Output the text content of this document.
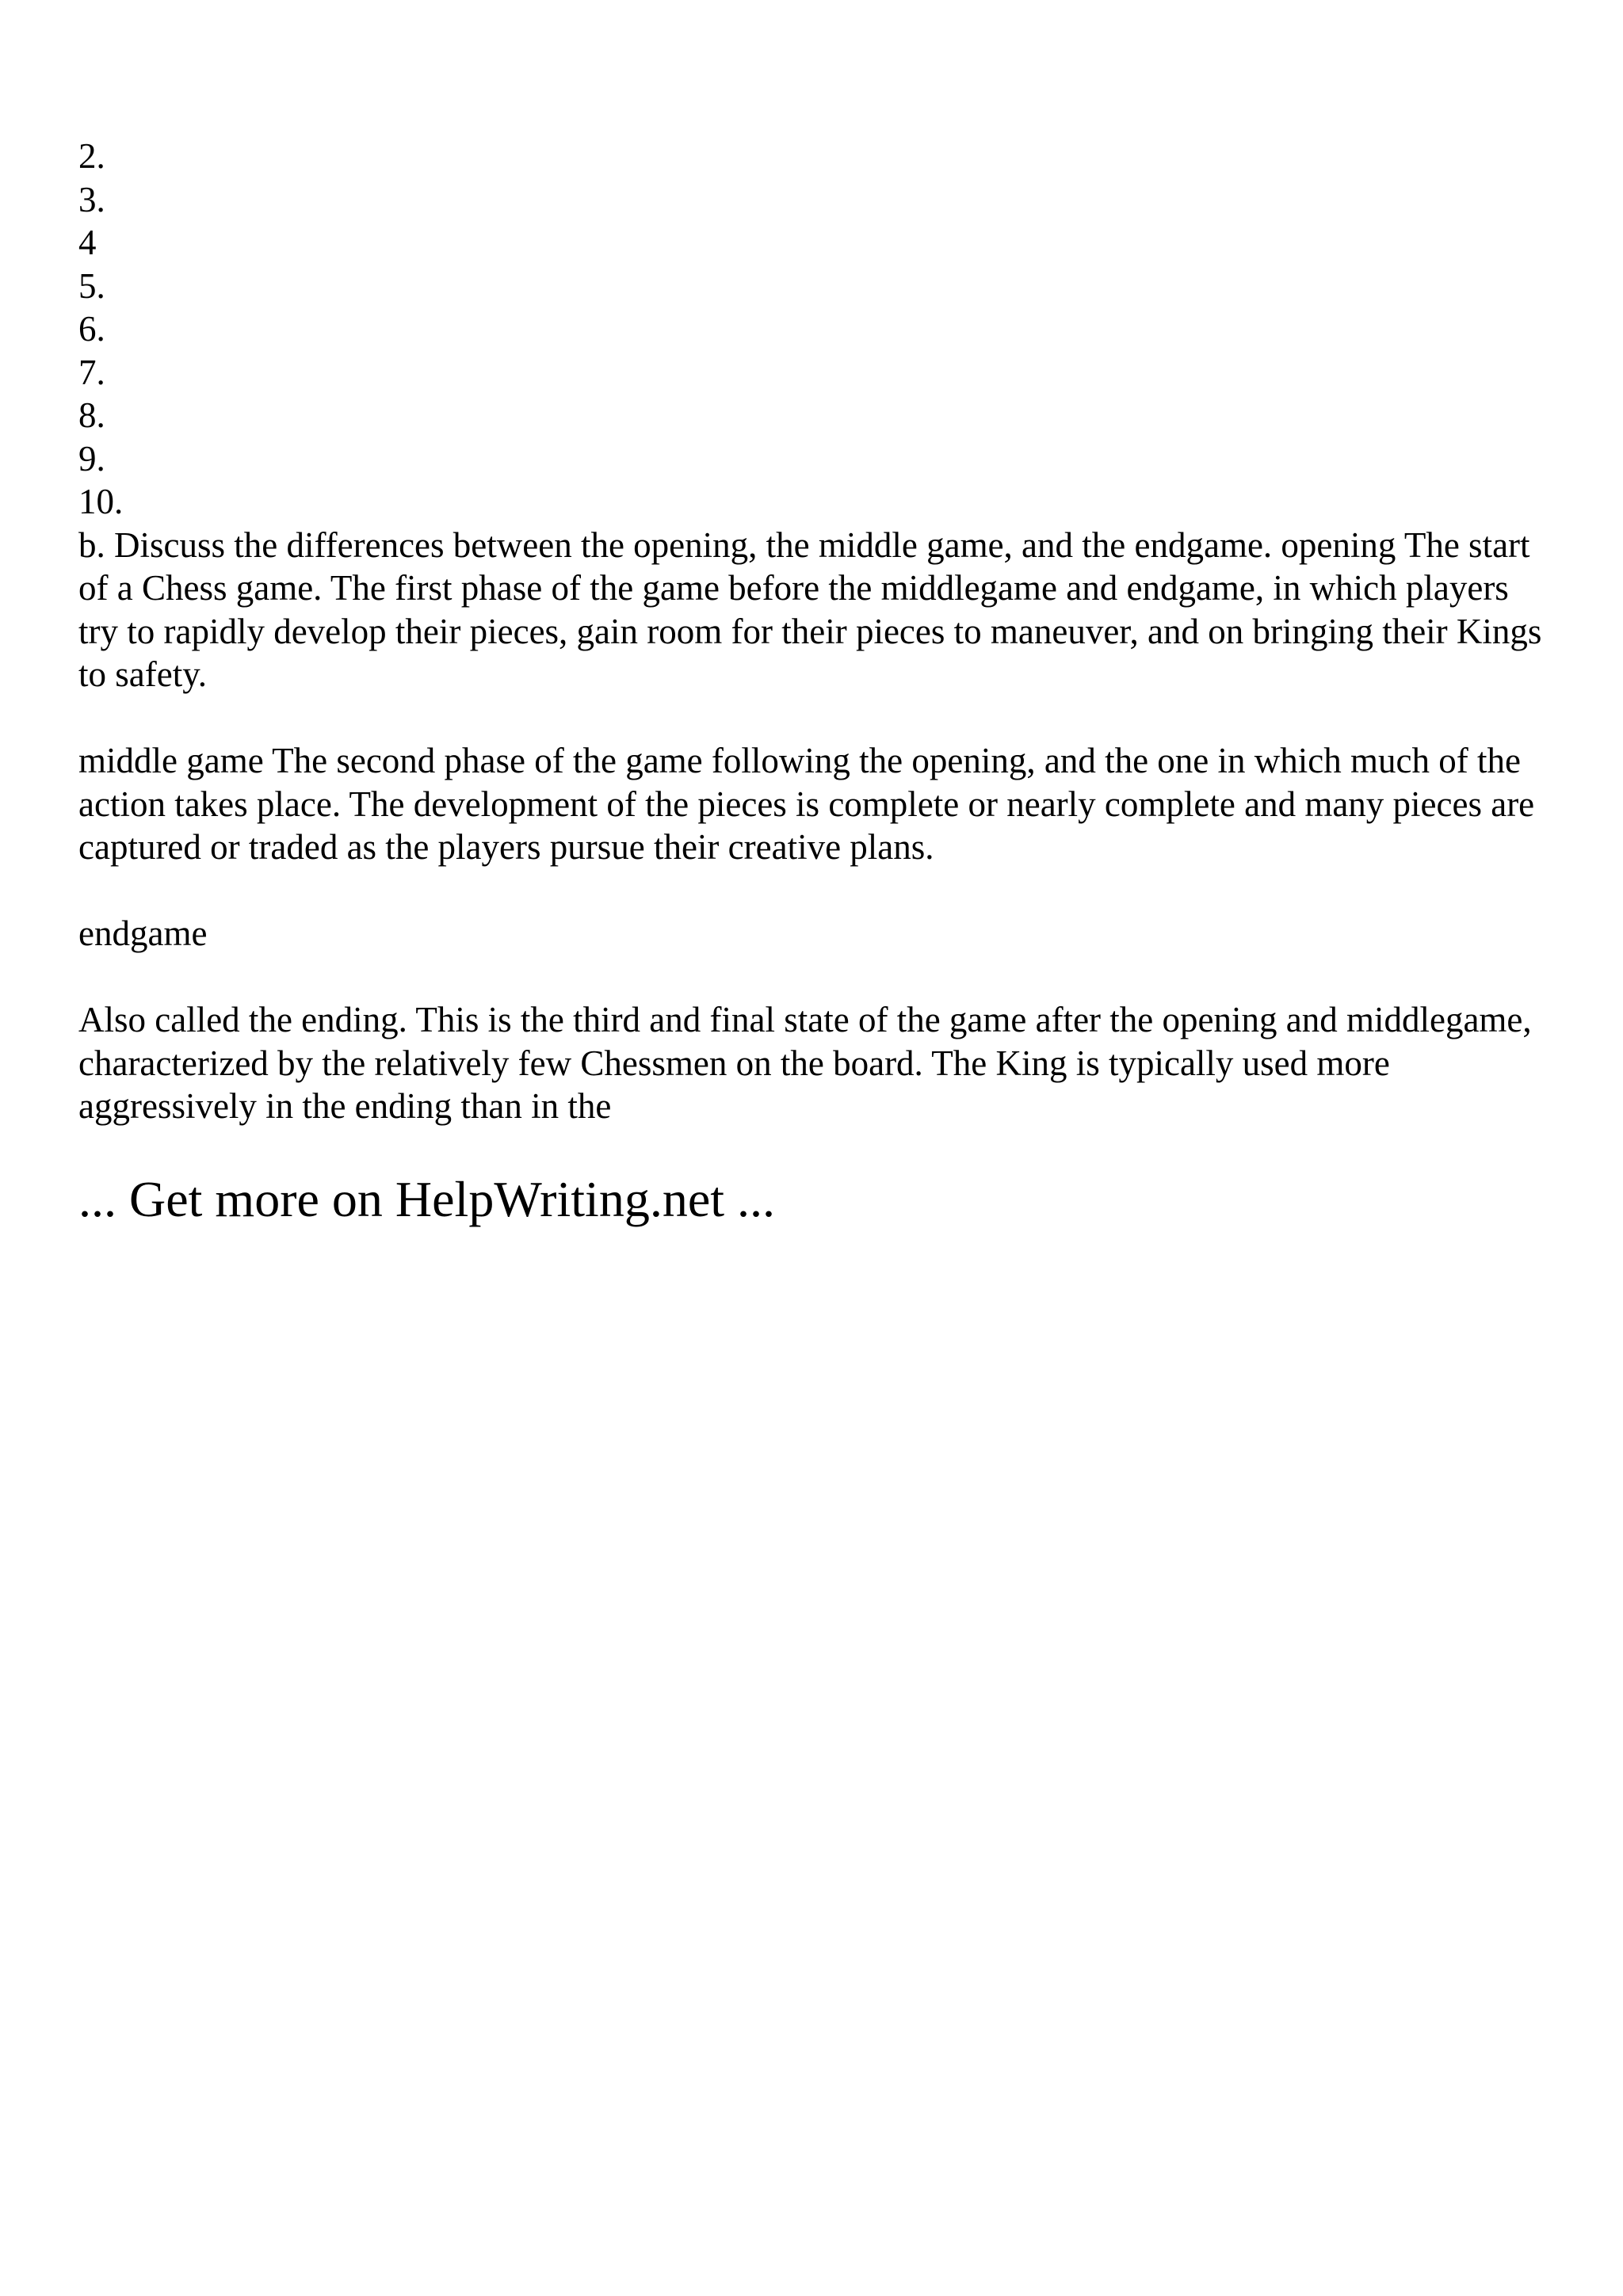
2.
3.
4
5.
6.
7.
8.
9.
10.

b. Discuss the differences between the opening, the middle game, and the endgame. opening The start of a Chess game. The first phase of the game before the middlegame and endgame, in which players try to rapidly develop their pieces, gain room for their pieces to maneuver, and on bringing their Kings to safety.

middle game The second phase of the game following the opening, and the one in which much of the action takes place. The development of the pieces is complete or nearly complete and many pieces are captured or traded as the players pursue their creative plans.

endgame

Also called the ending. This is the third and final state of the game after the opening and middlegame, characterized by the relatively few Chessmen on the board. The King is typically used more aggressively in the ending than in the

... Get more on HelpWriting.net ...
